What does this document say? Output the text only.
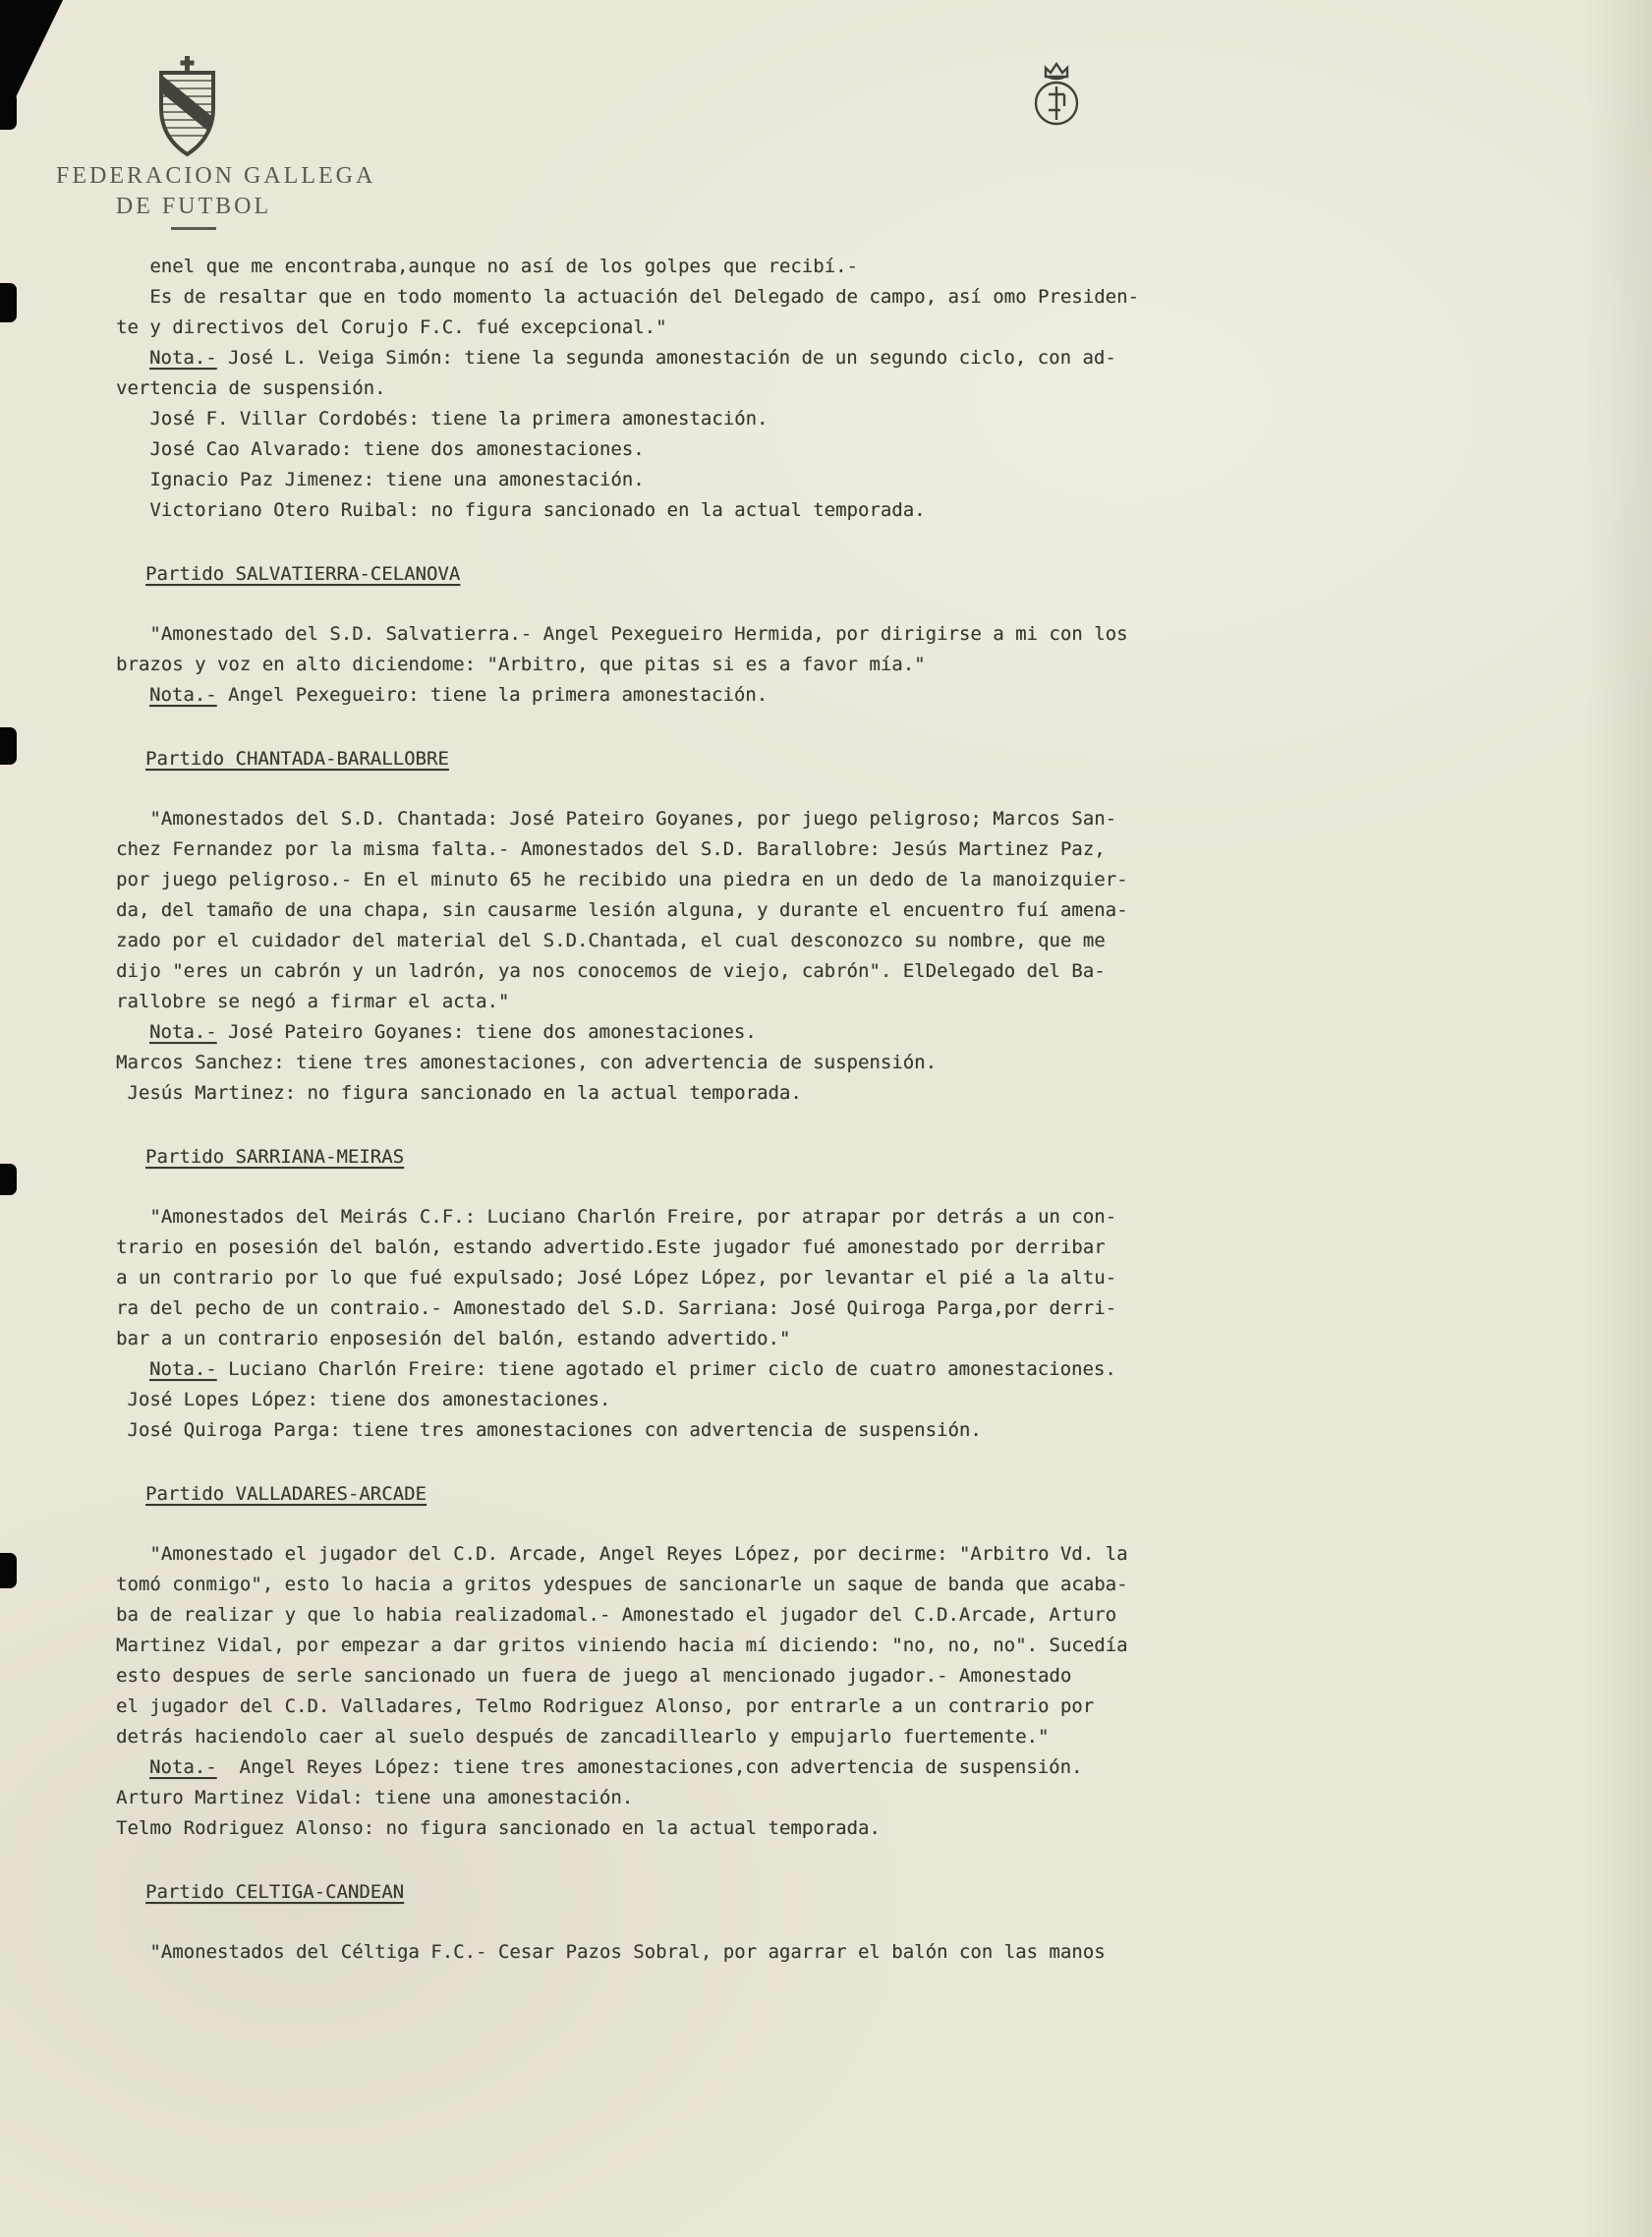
FEDERACION GALLEGA
DE FUTBOL
enel que me encontraba,aunque no así de los golpes que recibí.-
Es de resaltar que en todo momento la actuación del Delegado de campo, así omo Presiden-
te y directivos del Corujo F.C. fué excepcional."
Nota.- José L. Veiga Simón: tiene la segunda amonestación de un segundo ciclo, con ad-
vertencia de suspensión.
José F. Villar Cordobés: tiene la primera amonestación.
José Cao Alvarado: tiene dos amonestaciones.
Ignacio Paz Jimenez: tiene una amonestación.
Victoriano Otero Ruibal: no figura sancionado en la actual temporada.
Partido SALVATIERRA-CELANOVA
"Amonestado del S.D. Salvatierra.- Angel Pexegueiro Hermida, por dirigirse a mi con los
brazos y voz en alto diciendome: "Arbitro, que pitas si es a favor mía."
Nota.- Angel Pexegueiro: tiene la primera amonestación.
Partido CHANTADA-BARALLOBRE
"Amonestados del S.D. Chantada: José Pateiro Goyanes, por juego peligroso; Marcos San-
chez Fernandez por la misma falta.- Amonestados del S.D. Barallobre: Jesús Martinez Paz,
por juego peligroso.- En el minuto 65 he recibido una piedra en un dedo de la manoizquier-
da, del tamaño de una chapa, sin causarme lesión alguna, y durante el encuentro fuí amena-
zado por el cuidador del material del S.D.Chantada, el cual desconozco su nombre, que me
dijo "eres un cabrón y un ladrón, ya nos conocemos de viejo, cabrón". ElDelegado del Ba-
rallobre se negó a firmar el acta."
Nota.- José Pateiro Goyanes: tiene dos amonestaciones.
Marcos Sanchez: tiene tres amonestaciones, con advertencia de suspensión.
Jesús Martinez: no figura sancionado en la actual temporada.
Partido SARRIANA-MEIRAS
"Amonestados del Meirás C.F.: Luciano Charlón Freire, por atrapar por detrás a un con-
trario en posesión del balón, estando advertido.Este jugador fué amonestado por derribar
a un contrario por lo que fué expulsado; José López López, por levantar el pié a la altu-
ra del pecho de un contraio.- Amonestado del S.D. Sarriana: José Quiroga Parga,por derri-
bar a un contrario enposesión del balón, estando advertido."
Nota.- Luciano Charlón Freire: tiene agotado el primer ciclo de cuatro amonestaciones.
José Lopes López: tiene dos amonestaciones.
José Quiroga Parga: tiene tres amonestaciones con advertencia de suspensión.
Partido VALLADARES-ARCADE
"Amonestado el jugador del C.D. Arcade, Angel Reyes López, por decirme: "Arbitro Vd. la
tomó conmigo", esto lo hacia a gritos ydespues de sancionarle un saque de banda que acaba-
ba de realizar y que lo habia realizadomal.- Amonestado el jugador del C.D.Arcade, Arturo
Martinez Vidal, por empezar a dar gritos viniendo hacia mí diciendo: "no, no, no". Sucedía
esto despues de serle sancionado un fuera de juego al mencionado jugador.- Amonestado
el jugador del C.D. Valladares, Telmo Rodriguez Alonso, por entrarle a un contrario por
detrás haciendolo caer al suelo después de zancadillearlo y empujarlo fuertemente."
Nota.-  Angel Reyes López: tiene tres amonestaciones,con advertencia de suspensión.
Arturo Martinez Vidal: tiene una amonestación.
Telmo Rodriguez Alonso: no figura sancionado en la actual temporada.
Partido CELTIGA-CANDEAN
"Amonestados del Céltiga F.C.- Cesar Pazos Sobral, por agarrar el balón con las manos
